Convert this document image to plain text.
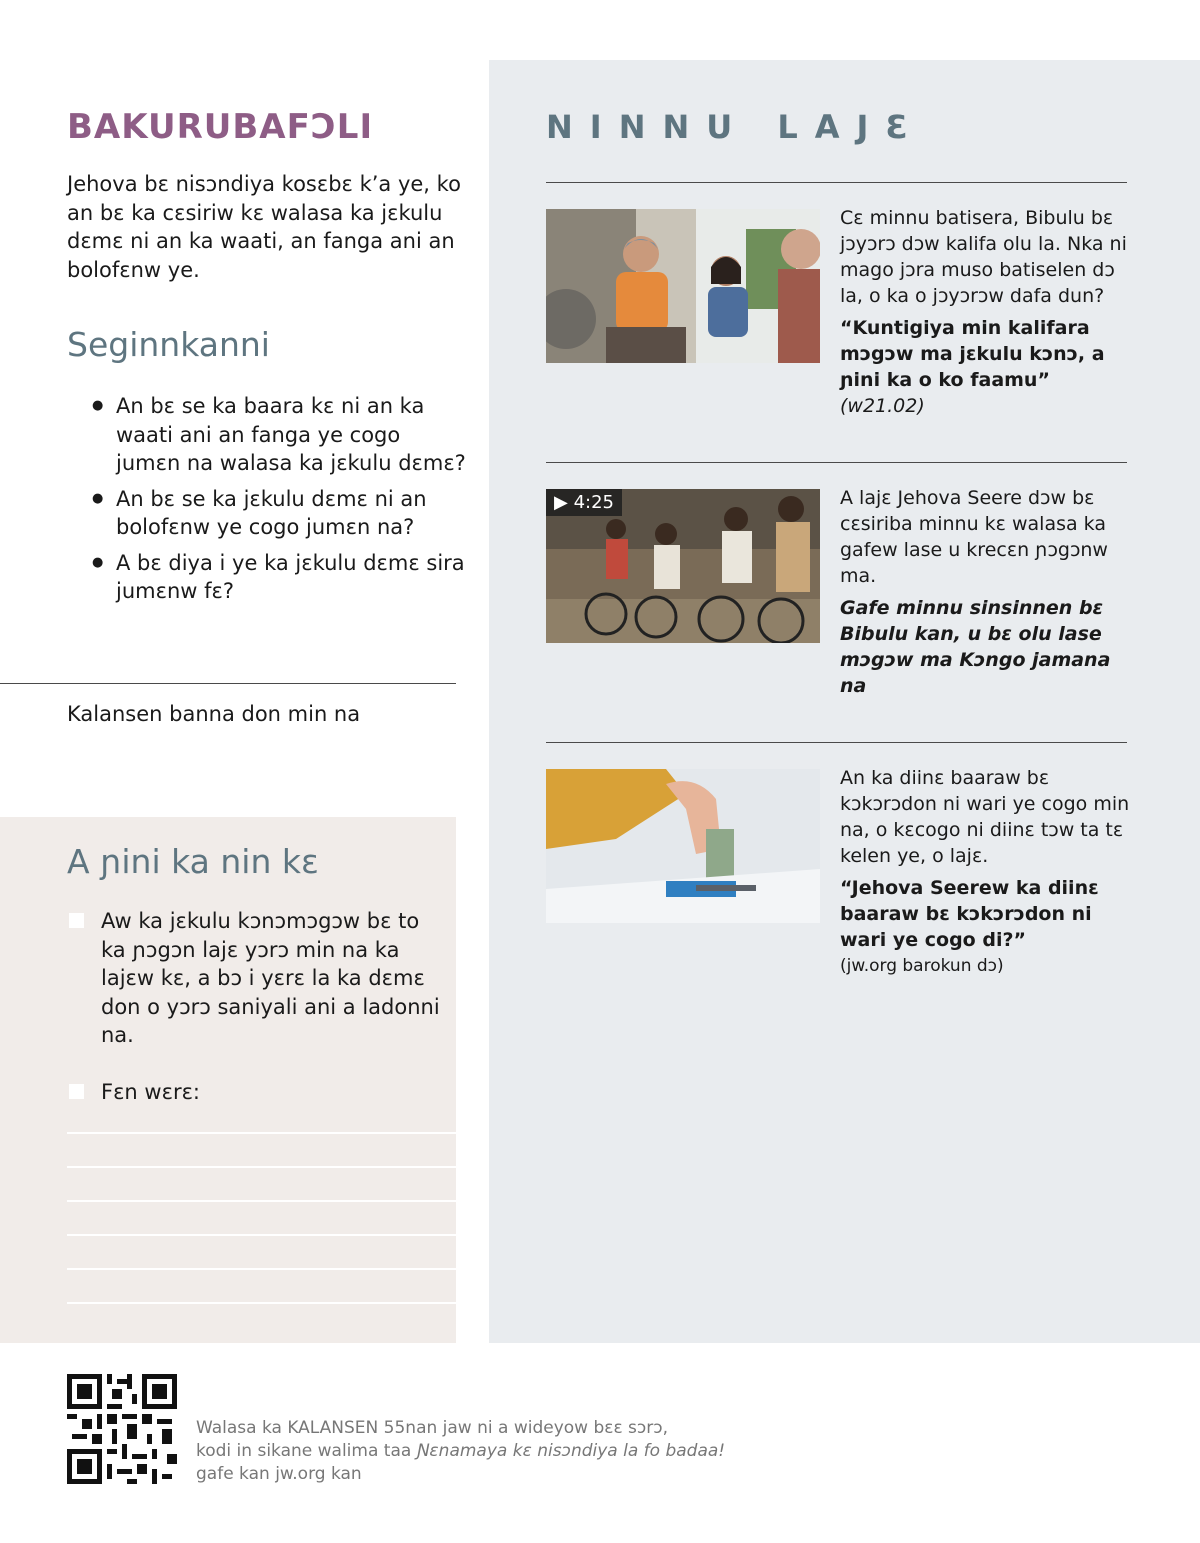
BAKURUBAFƆLI
Jehova bɛ nisɔndiya kosɛbɛ k’a ye, ko an bɛ ka cɛsiriw kɛ walasa ka jɛkulu dɛmɛ ni an ka waati, an fanga ani an bolofɛnw ye.
Seginnkanni
● An bɛ se ka baara kɛ ni an ka waati ani an fanga ye cogo jumɛn na walasa ka jɛkulu dɛmɛ?
● An bɛ se ka jɛkulu dɛmɛ ni an bolofɛnw ye cogo jumɛn na?
● A bɛ diya i ye ka jɛkulu dɛmɛ sira jumɛnw fɛ?
Kalansen banna don min na
A ɲini ka nin kɛ
Aw ka jɛkulu kɔnɔmɔgɔw bɛ to ka ɲɔgɔn lajɛ yɔrɔ min na ka lajɛw kɛ, a bɔ i yɛrɛ la ka dɛmɛ don o yɔrɔ saniyali ani a ladonni na.
Fɛn wɛrɛ:
NINNU LAJƐ
Cɛ minnu batisera, Bibulu bɛ jɔyɔrɔ dɔw kalifa olu la. Nka ni mago jɔra muso batiselen dɔ la, o ka o jɔyɔrɔw dafa dun?
“Kuntigiya min kalifara mɔgɔw ma jɛkulu kɔnɔ, a ɲini ka o ko faamu” (w21.02)
▶ 4:25	A lajɛ Jehova Seere dɔw bɛ cɛsiriba minnu kɛ walasa ka gafew lase u krecɛn ɲɔgɔnw ma.
Gafe minnu sinsinnen bɛ Bibulu kan, u bɛ olu lase mɔgɔw ma Kɔngo jamana na
An ka diinɛ baaraw bɛ kɔkɔrɔdon ni wari ye cogo min na, o kɛcogo ni diinɛ tɔw ta tɛ kelen ye, o lajɛ.
“Jehova Seerew ka diinɛ baaraw bɛ kɔkɔrɔdon ni wari ye cogo di?”
(jw.org barokun dɔ)
Walasa ka KALANSEN 55nan jaw ni a wideyow bɛɛ sɔrɔ,
kodi in sikane walima taa Ɲɛnamaya kɛ nisɔndiya la fo badaa!
gafe kan jw.org kan
